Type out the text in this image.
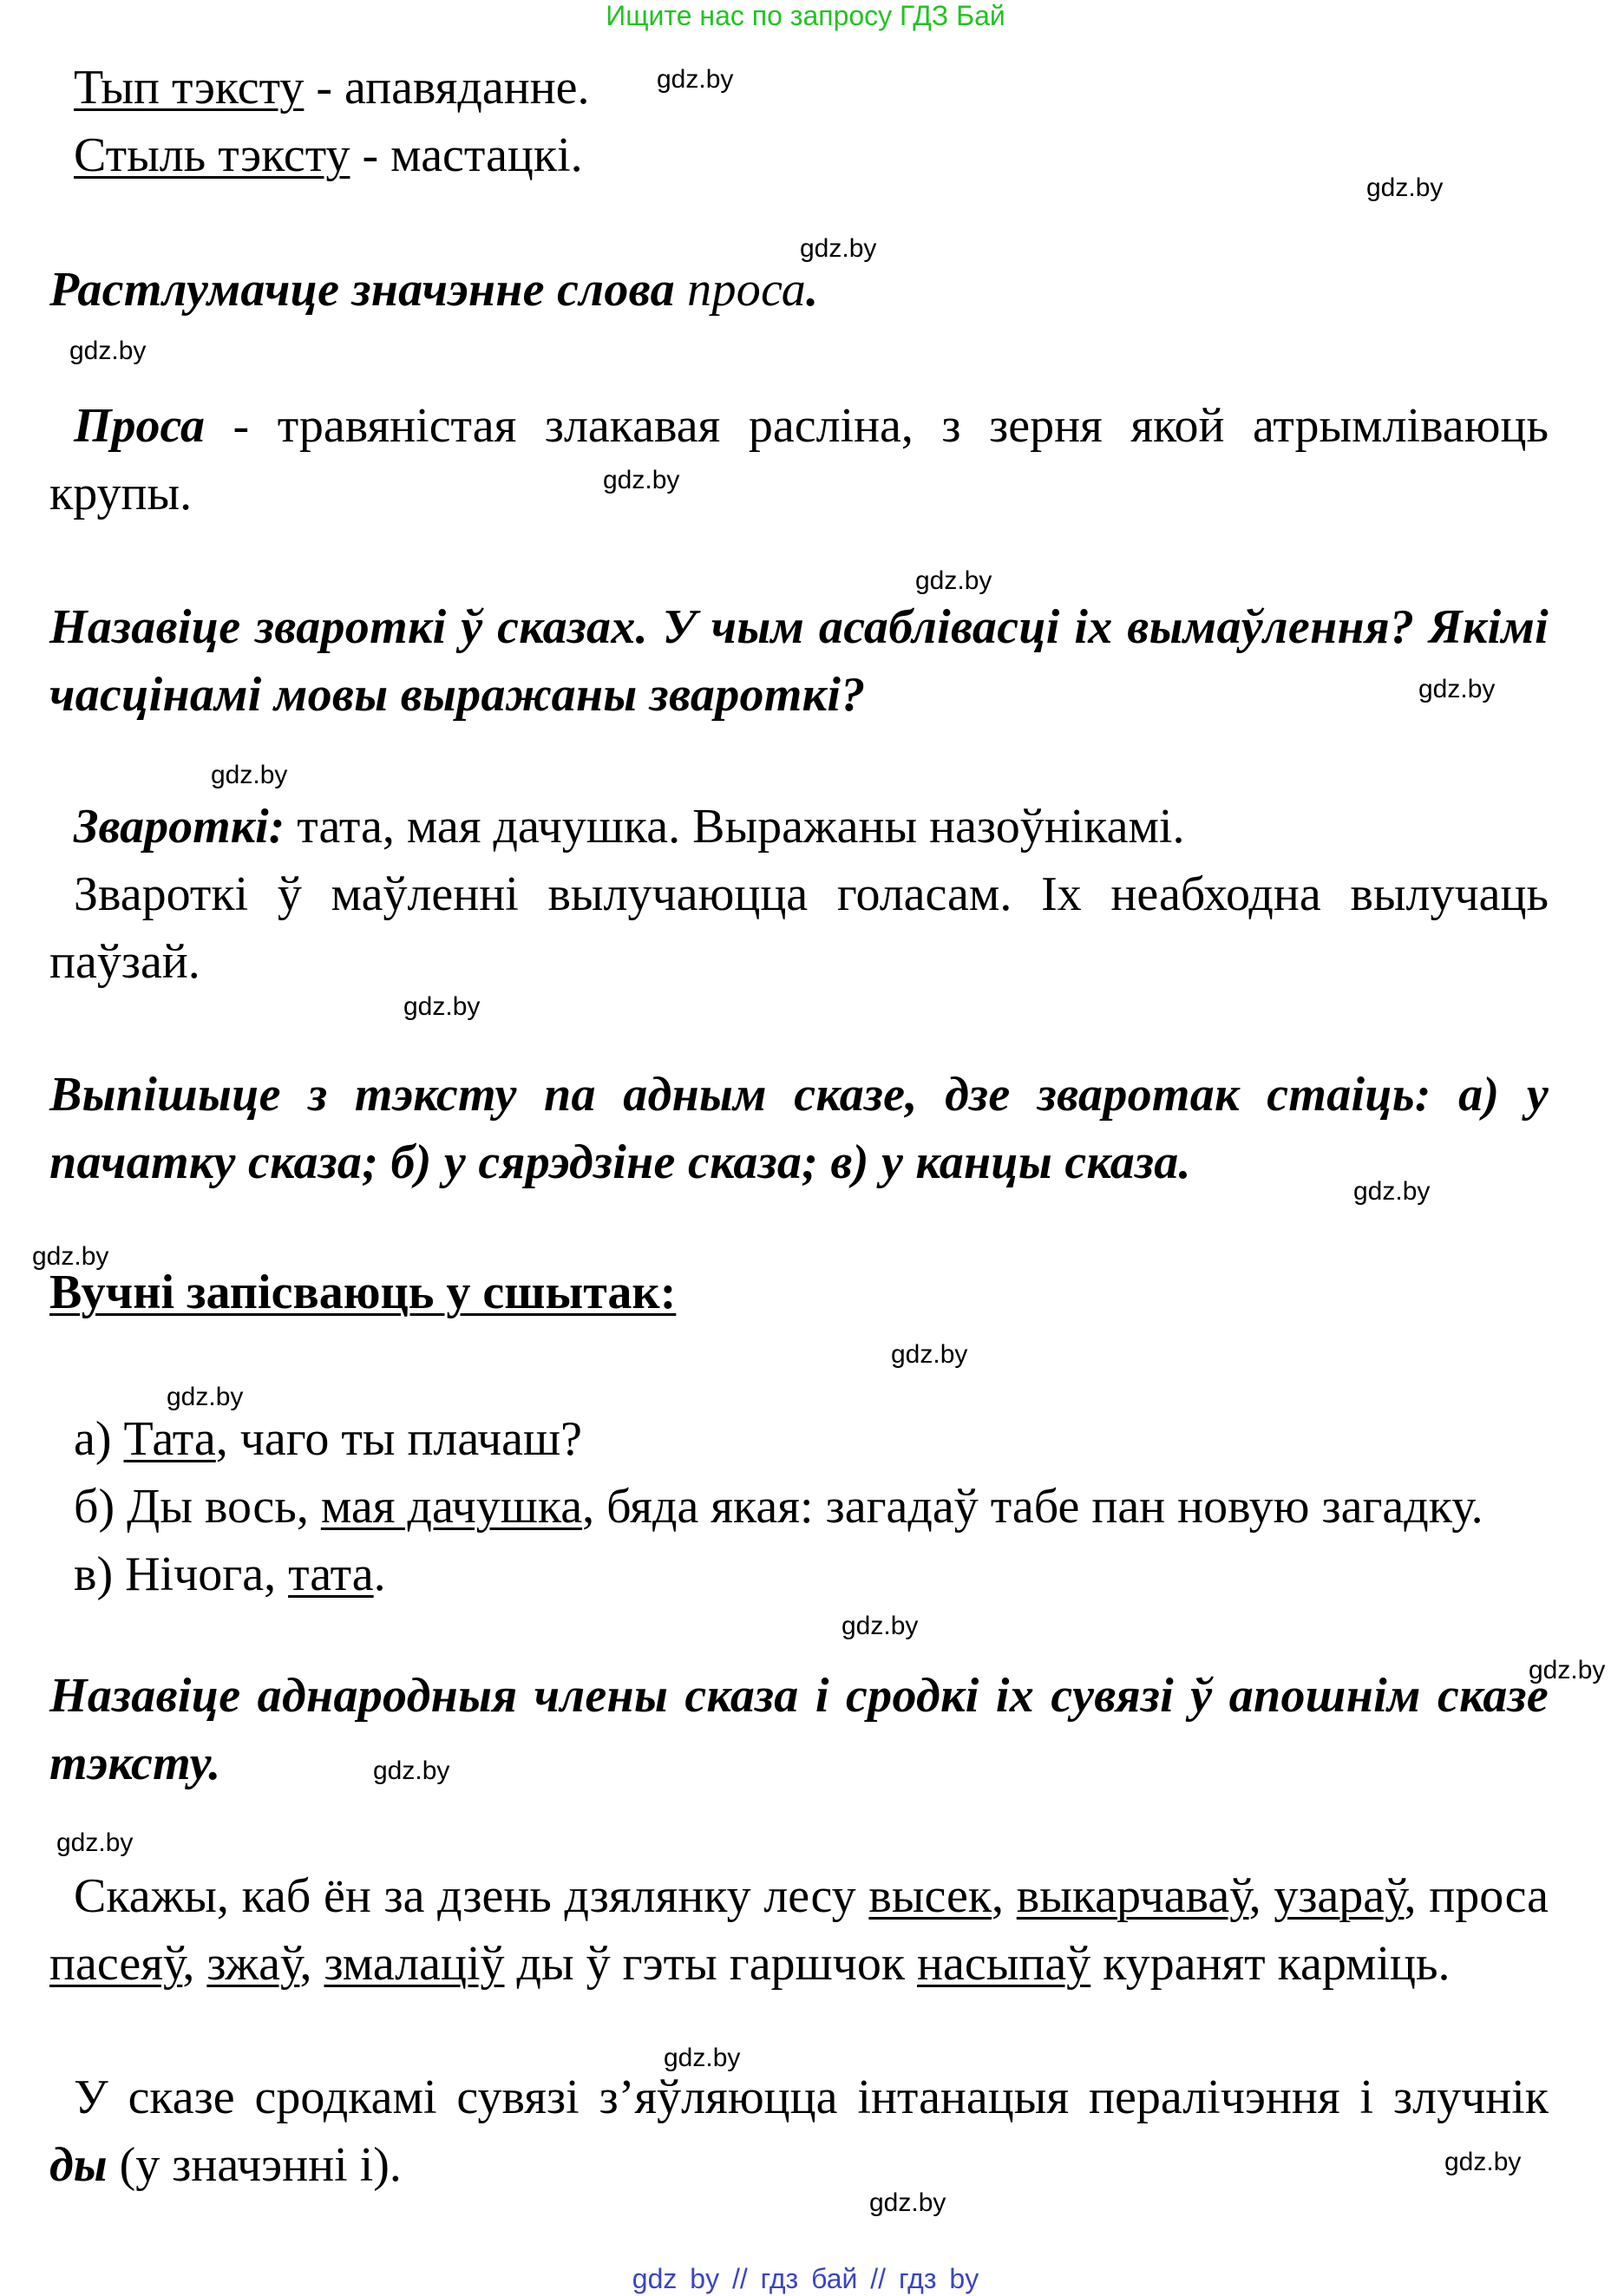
Ищите нас по запросу ГДЗ Бай
gdz.by
gdz.by
gdz.by
gdz.by
gdz.by
gdz.by
gdz.by
gdz.by
gdz.by
gdz.by
gdz.by
gdz.by
gdz.by
gdz.by
gdz.by
gdz.by
gdz.by
gdz.by
gdz.by
gdz.by
Тып тэксту - апавяданне.
Стыль тэксту - мастацкі.
Растлумачце значэнне слова проса.
Проса - травяністая злакавая расліна, з зерня якой атрымліваюць крупы.
Назавіце звароткі ў сказах. У чым асаблівасці іх вымаўлення? Якімі часцінамі мовы выражаны звароткі?
Звароткі: тата, мая дачушка. Выражаны назоўнікамі.
Звароткі ў маўленні вылучаюцца голасам. Іх неабходна вылучаць паўзай.
Выпішыце з тэксту па адным сказе, дзе зваротак стаіць: а) у пачатку сказа; б) у сярэдзіне сказа; в) у канцы сказа.
Вучні запісваюць у сшытак:
а) Тата, чаго ты плачаш?
б) Ды вось, мая дачушка, бяда якая: загадаў табе пан новую загадку.
в) Нічога, тата.
Назавіце аднародныя члены сказа і сродкі іх сувязі ў апошнім сказе тэксту.
Скажы, каб ён за дзень дзялянку лесу высек, выкарчаваў, узараў, проса пасеяў, зжаў, змалаціў ды ў гэты гаршчок насыпаў куранят карміць.
У сказе сродкамі сувязі з’яўляюцца інтанацыя пералічэння і злучнік ды (у значэнні і).
gdz by // гдз бай // гдз by
